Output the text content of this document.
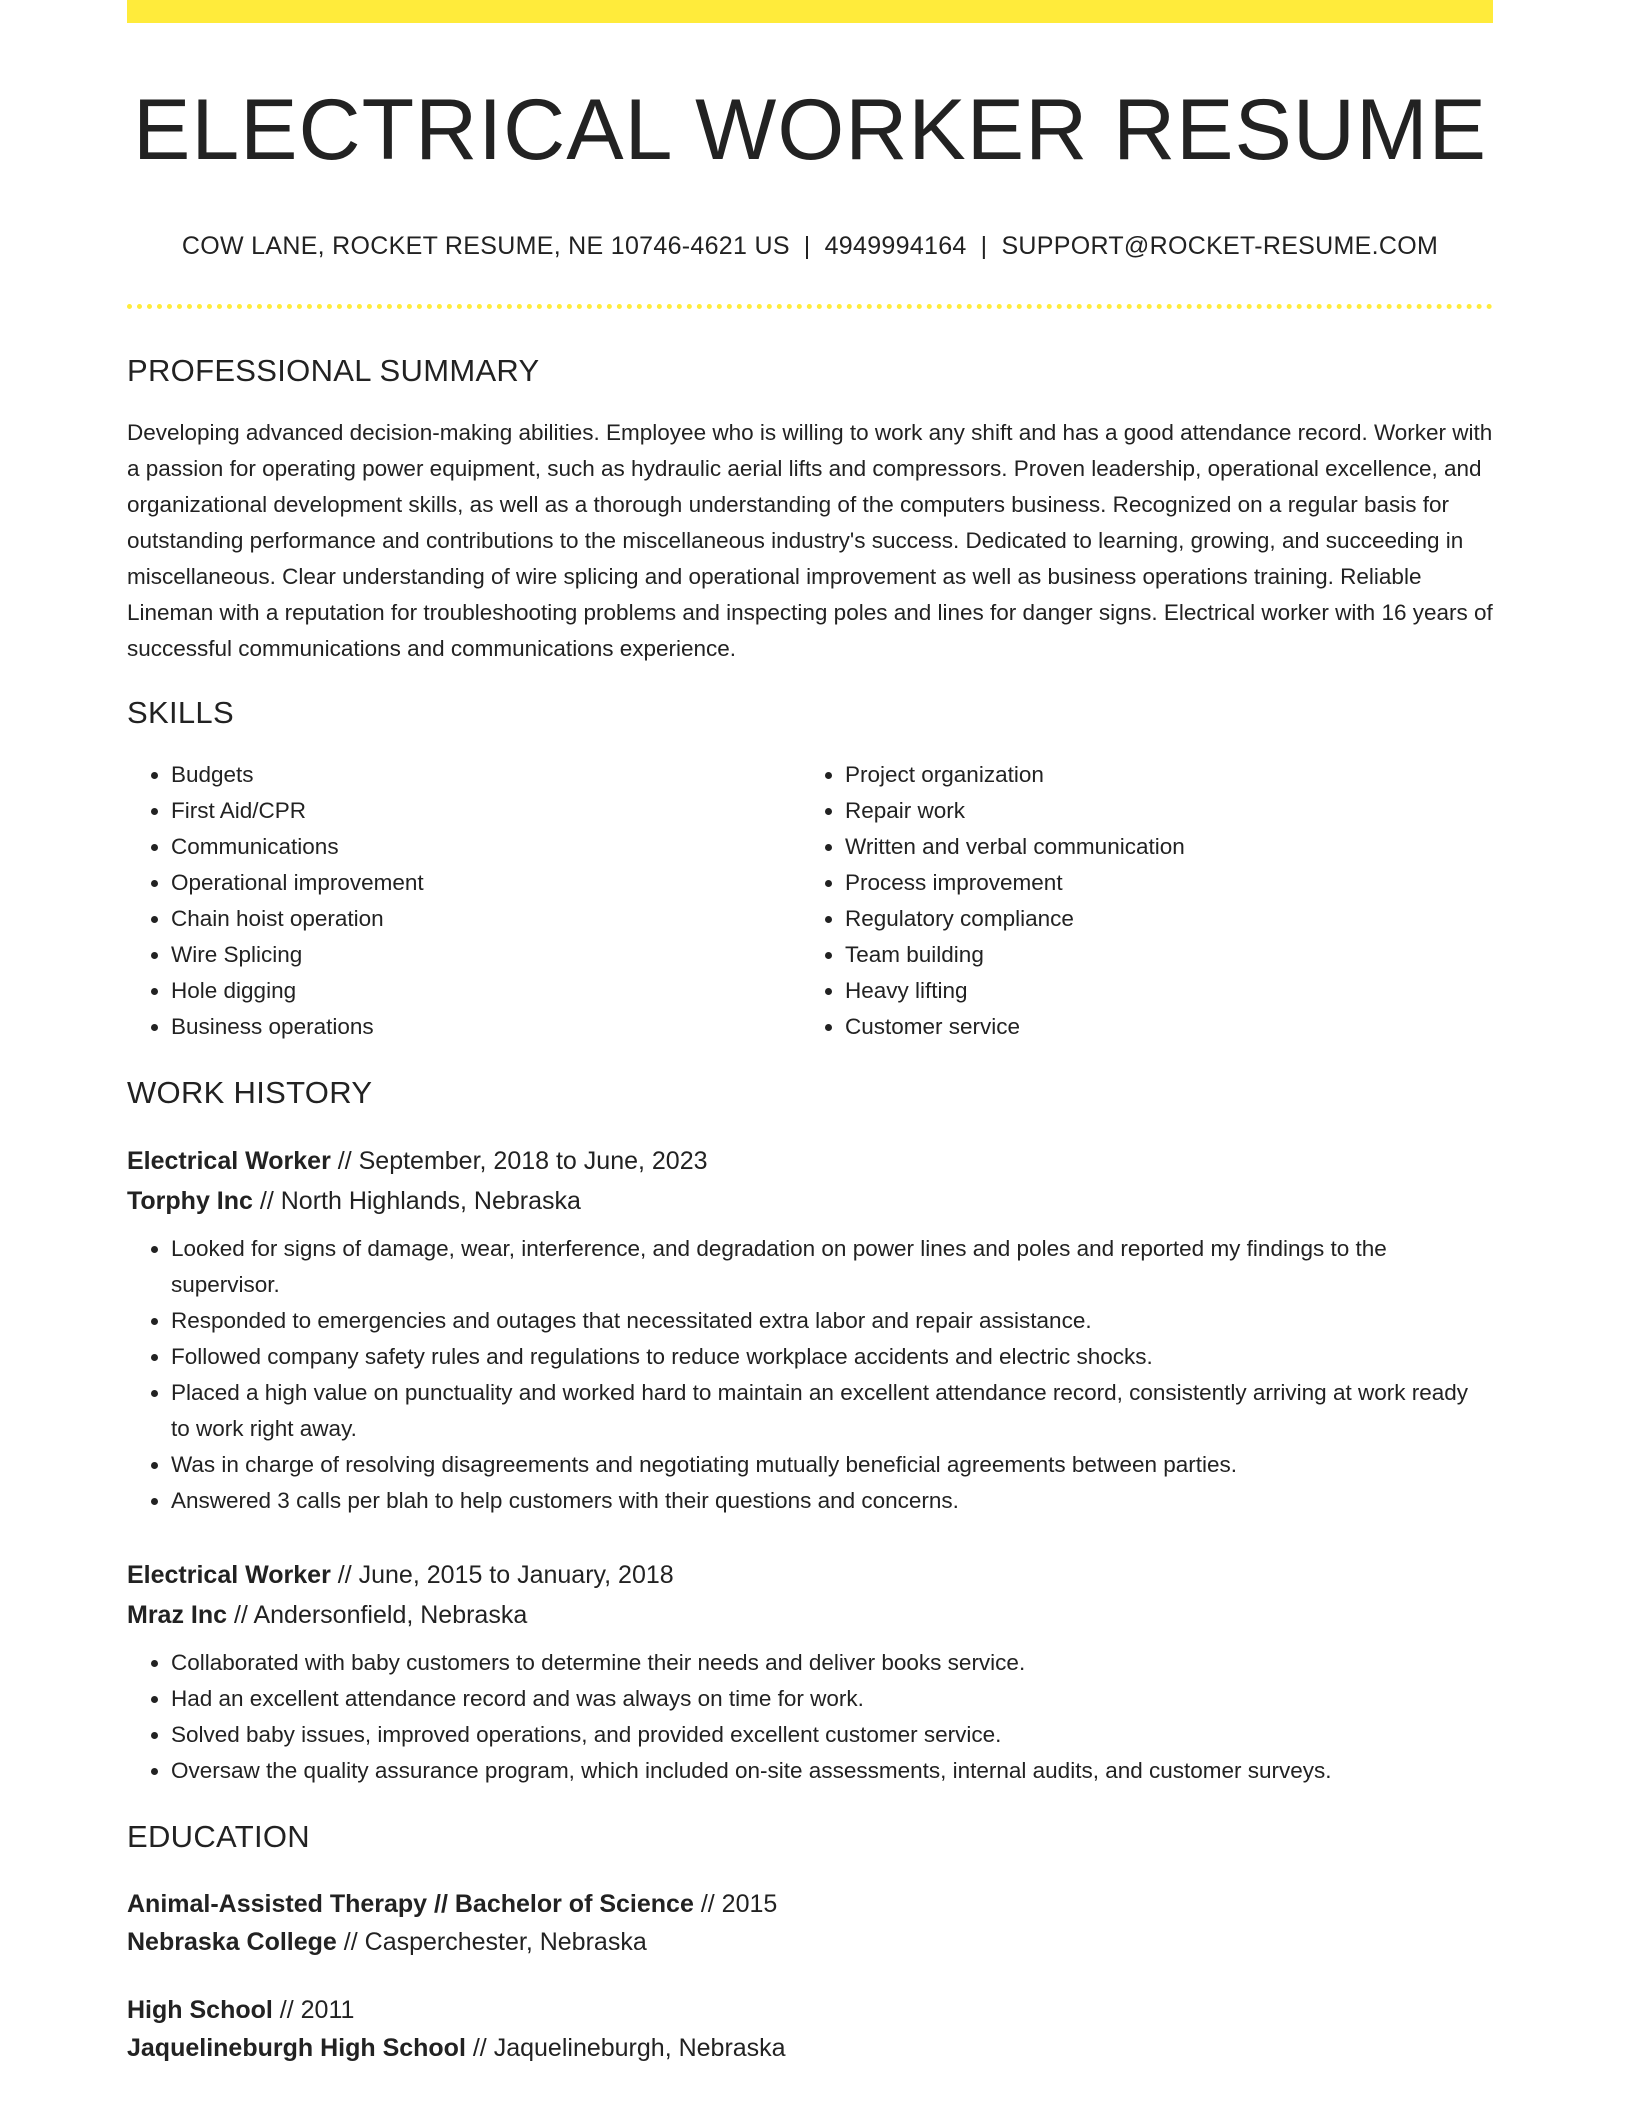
ELECTRICAL WORKER RESUME
COW LANE, ROCKET RESUME, NE 10746-4621 US | 4949994164 | SUPPORT@ROCKET-RESUME.COM
PROFESSIONAL SUMMARY

Developing advanced decision-making abilities. Employee who is willing to work any shift and has a good attendance record. Worker with a passion for operating power equipment, such as hydraulic aerial lifts and compressors. Proven leadership, operational excellence, and organizational development skills, as well as a thorough understanding of the computers business. Recognized on a regular basis for outstanding performance and contributions to the miscellaneous industry's success. Dedicated to learning, growing, and succeeding in miscellaneous. Clear understanding of wire splicing and operational improvement as well as business operations training. Reliable Lineman with a reputation for troubleshooting problems and inspecting poles and lines for danger signs. Electrical worker with 16 years of successful communications and communications experience.

SKILLS
• Budgets
• First Aid/CPR
• Communications
• Operational improvement
• Chain hoist operation
• Wire Splicing
• Hole digging
• Business operations
• Project organization
• Repair work
• Written and verbal communication
• Process improvement
• Regulatory compliance
• Team building
• Heavy lifting
• Customer service
WORK HISTORY
Electrical Worker // September, 2018 to June, 2023
Torphy Inc // North Highlands, Nebraska
• Looked for signs of damage, wear, interference, and degradation on power lines and poles and reported my findings to the supervisor.
• Responded to emergencies and outages that necessitated extra labor and repair assistance.
• Followed company safety rules and regulations to reduce workplace accidents and electric shocks.
• Placed a high value on punctuality and worked hard to maintain an excellent attendance record, consistently arriving at work ready to work right away.
• Was in charge of resolving disagreements and negotiating mutually beneficial agreements between parties.
• Answered 3 calls per blah to help customers with their questions and concerns.
Electrical Worker // June, 2015 to January, 2018
Mraz Inc // Andersonfield, Nebraska
• Collaborated with baby customers to determine their needs and deliver books service.
• Had an excellent attendance record and was always on time for work.
• Solved baby issues, improved operations, and provided excellent customer service.
• Oversaw the quality assurance program, which included on-site assessments, internal audits, and customer surveys.
EDUCATION
Animal-Assisted Therapy // Bachelor of Science // 2015
Nebraska College // Casperchester, Nebraska
High School // 2011
Jaquelineburgh High School // Jaquelineburgh, Nebraska
